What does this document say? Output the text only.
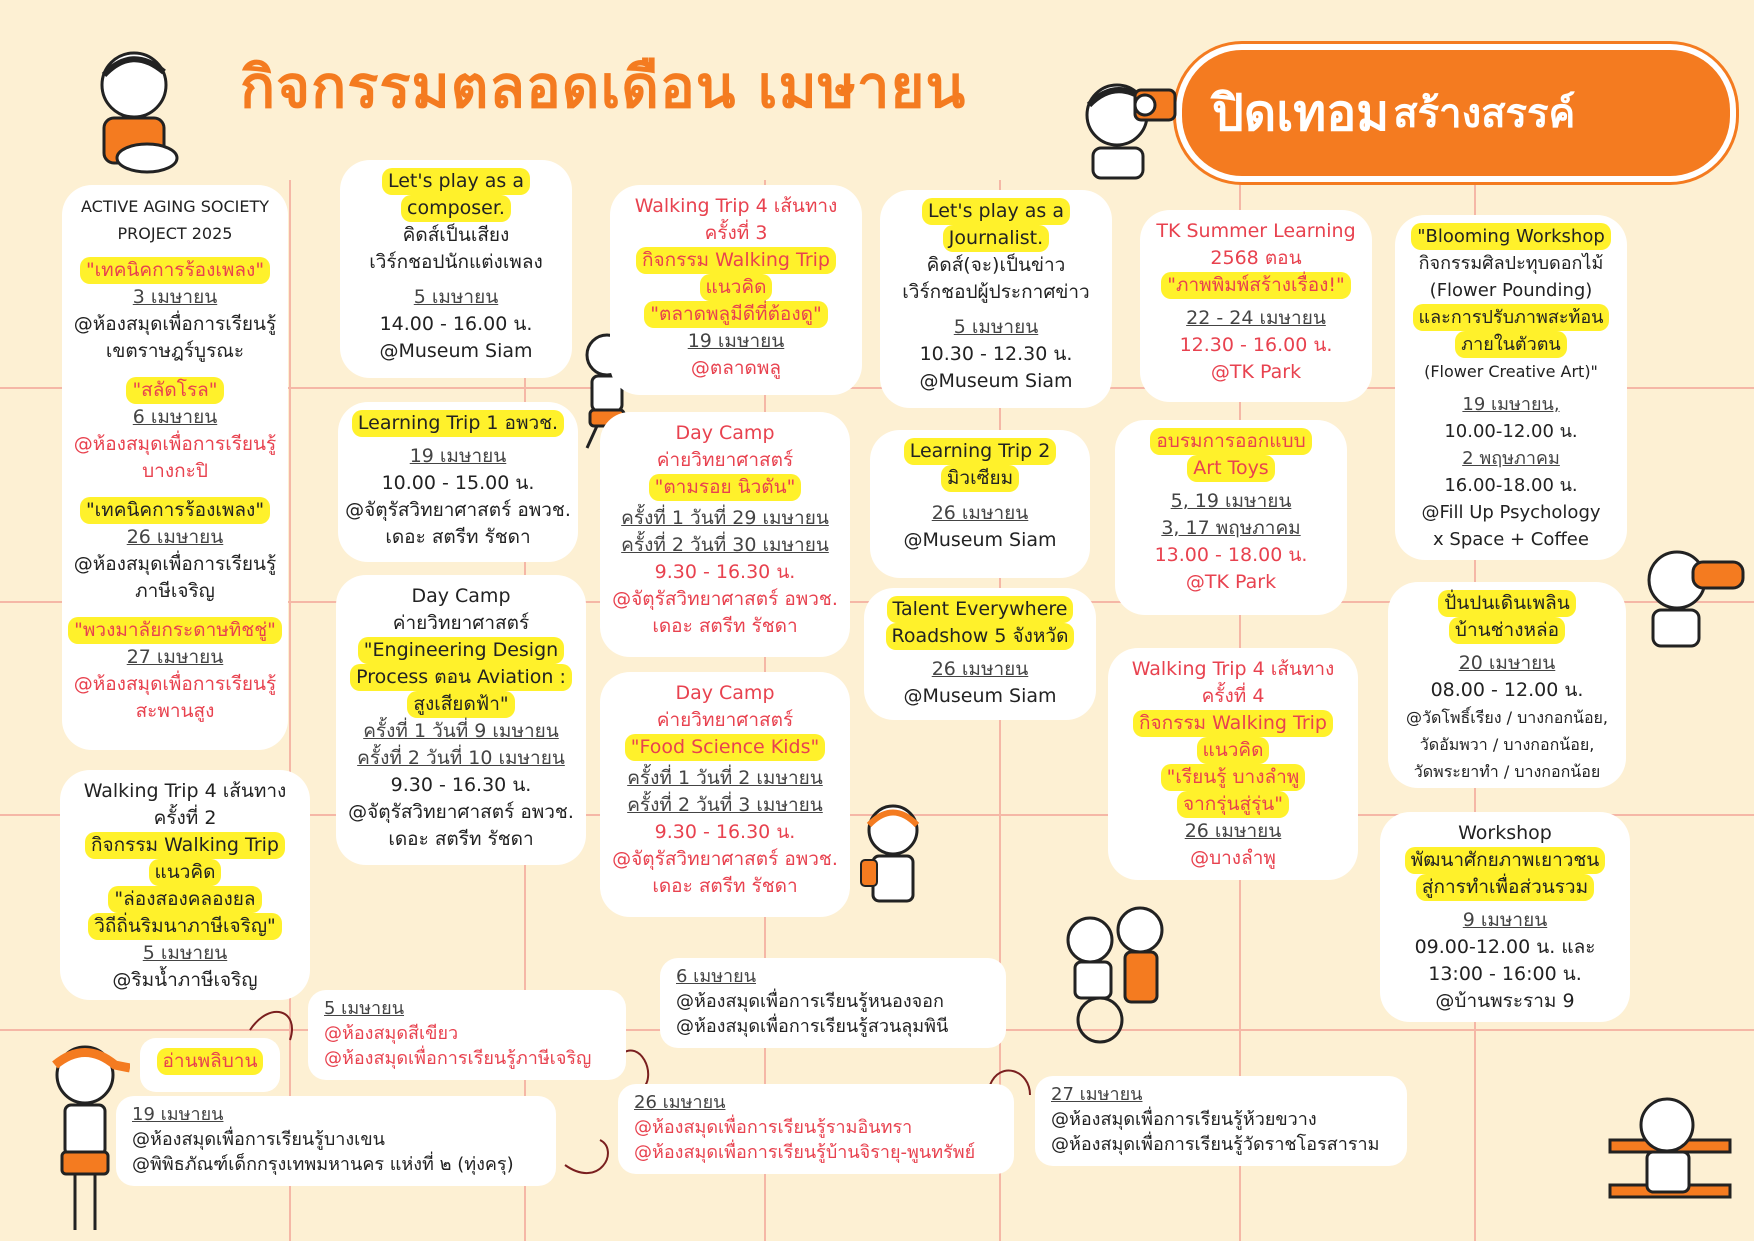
กิจกรรมตลอดเดือน เมษายน	ปิดเทอม สร้างสรรค์
ACTIVE AGING SOCIETY
PROJECT 2025
"เทคนิคการร้องเพลง"
3 เมษายน
@ห้องสมุดเพื่อการเรียนรู้
เขตราษฎร์บูรณะ
"สลัดโรล"
6 เมษายน
@ห้องสมุดเพื่อการเรียนรู้
บางกะปิ
"เทคนิคการร้องเพลง"
26 เมษายน
@ห้องสมุดเพื่อการเรียนรู้
ภาษีเจริญ
"พวงมาลัยกระดาษทิชชู่"
27 เมษายน
@ห้องสมุดเพื่อการเรียนรู้
สะพานสูง
Walking Trip 4 เส้นทาง
ครั้งที่ 2
กิจกรรม Walking Trip
แนวคิด
"ล่องสองคลองยล
วิถีถิ่นริมนาภาษีเจริญ"
5 เมษายน
@ริมน้ำภาษีเจริญ
Let's play as a
composer.
คิดส์เป็นเสียง
เวิร์กชอปนักแต่งเพลง
5 เมษายน
14.00 - 16.00 น.
@Museum Siam
Learning Trip 1 อพวช.
19 เมษายน
10.00 - 15.00 น.
@จัตุรัสวิทยาศาสตร์ อพวช.
เดอะ สตรีท รัชดา
Day Camp
ค่ายวิทยาศาสตร์
"Engineering Design
Process ตอน Aviation :
สูงเสียดฟ้า"
ครั้งที่ 1 วันที่ 9 เมษายน
ครั้งที่ 2 วันที่ 10 เมษายน
9.30 - 16.30 น.
@จัตุรัสวิทยาศาสตร์ อพวช.
เดอะ สตรีท รัชดา
Walking Trip 4 เส้นทาง
ครั้งที่ 3
กิจกรรม Walking Trip
แนวคิด
"ตลาดพลูมีดีที่ต้องดู"
19 เมษายน
@ตลาดพลู
Day Camp
ค่ายวิทยาศาสตร์
"ตามรอย นิวตัน"
ครั้งที่ 1 วันที่ 29 เมษายน
ครั้งที่ 2 วันที่ 30 เมษายน
9.30 - 16.30 น.
@จัตุรัสวิทยาศาสตร์ อพวช.
เดอะ สตรีท รัชดา
Day Camp
ค่ายวิทยาศาสตร์
"Food Science Kids"
ครั้งที่ 1 วันที่ 2 เมษายน
ครั้งที่ 2 วันที่ 3 เมษายน
9.30 - 16.30 น.
@จัตุรัสวิทยาศาสตร์ อพวช.
เดอะ สตรีท รัชดา
Let's play as a
Journalist.
คิดส์(จะ)เป็นข่าว
เวิร์กชอปผู้ประกาศข่าว
5 เมษายน
10.30 - 12.30 น.
@Museum Siam
Learning Trip 2
มิวเซียม
26 เมษายน
@Museum Siam
Talent Everywhere
Roadshow 5 จังหวัด
26 เมษายน
@Museum Siam
TK Summer Learning
2568 ตอน
"ภาพพิมพ์สร้างเรื่อง!"
22 - 24 เมษายน
12.30 - 16.00 น.
@TK Park
อบรมการออกแบบ
Art Toys
5, 19 เมษายน
3, 17 พฤษภาคม
13.00 - 18.00 น.
@TK Park
Walking Trip 4 เส้นทาง
ครั้งที่ 4
กิจกรรม Walking Trip
แนวคิด
"เรียนรู้ บางลำพู
จากรุ่นสู่รุ่น"
26 เมษายน
@บางลำพู
"Blooming Workshop
กิจกรรมศิลปะทุบดอกไม้
(Flower Pounding)
และการปรับภาพสะท้อน
ภายในตัวตน
(Flower Creative Art)"
19 เมษายน,
10.00-12.00 น.
2 พฤษภาคม
16.00-18.00 น.
@Fill Up Psychology
x Space + Coffee
ปั่นปนเดินเพลิน
บ้านช่างหล่อ
20 เมษายน
08.00 - 12.00 น.
@วัดโพธิ์เรียง / บางกอกน้อย,
วัดอัมพวา / บางกอกน้อย,
วัดพระยาทำ / บางกอกน้อย
Workshop
พัฒนาศักยภาพเยาวชน
สู่การทำเพื่อส่วนรวม
9 เมษายน
09.00-12.00 น. และ
13:00 - 16:00 น.
@บ้านพระราม 9
อ่านพลิบาน
5 เมษายน
@ห้องสมุดสีเขียว
@ห้องสมุดเพื่อการเรียนรู้ภาษีเจริญ
19 เมษายน
@ห้องสมุดเพื่อการเรียนรู้บางเขน
@พิพิธภัณฑ์เด็กกรุงเทพมหานคร แห่งที่ ๒ (ทุ่งครุ)
6 เมษายน
@ห้องสมุดเพื่อการเรียนรู้หนองจอก
@ห้องสมุดเพื่อการเรียนรู้สวนลุมพินี
26 เมษายน
@ห้องสมุดเพื่อการเรียนรู้รามอินทรา
@ห้องสมุดเพื่อการเรียนรู้บ้านจิรายุ-พูนทรัพย์
27 เมษายน
@ห้องสมุดเพื่อการเรียนรู้ห้วยขวาง
@ห้องสมุดเพื่อการเรียนรู้วัดราชโอรสาราม
